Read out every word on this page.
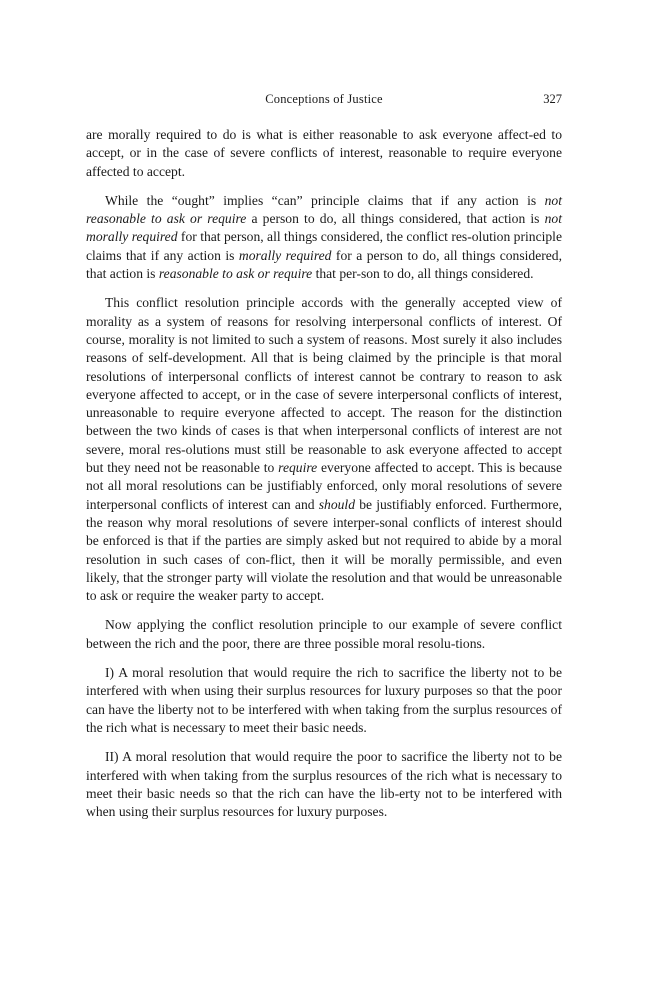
Conceptions of Justice	327

are morally required to do is what is either reasonable to ask everyone affect-ed to accept, or in the case of severe conflicts of interest, reasonable to require everyone affected to accept.

While the “ought” implies “can” principle claims that if any action is not reasonable to ask or require a person to do, all things considered, that action is not morally required for that person, all things considered, the conflict res-olution principle claims that if any action is morally required for a person to do, all things considered, that action is reasonable to ask or require that per-son to do, all things considered.

This conflict resolution principle accords with the generally accepted view of morality as a system of reasons for resolving interpersonal conflicts of interest. Of course, morality is not limited to such a system of reasons. Most surely it also includes reasons of self-development. All that is being claimed by the principle is that moral resolutions of interpersonal conflicts of interest cannot be contrary to reason to ask everyone affected to accept, or in the case of severe interpersonal conflicts of interest, unreasonable to require everyone affected to accept. The reason for the distinction between the two kinds of cases is that when interpersonal conflicts of interest are not severe, moral res-olutions must still be reasonable to ask everyone affected to accept but they need not be reasonable to require everyone affected to accept. This is because not all moral resolutions can be justifiably enforced, only moral resolutions of severe interpersonal conflicts of interest can and should be justifiably enforced. Furthermore, the reason why moral resolutions of severe interper-sonal conflicts of interest should be enforced is that if the parties are simply asked but not required to abide by a moral resolution in such cases of con-flict, then it will be morally permissible, and even likely, that the stronger party will violate the resolution and that would be unreasonable to ask or require the weaker party to accept.

Now applying the conflict resolution principle to our example of severe conflict between the rich and the poor, there are three possible moral resolu-tions.

I) A moral resolution that would require the rich to sacrifice the liberty not to be interfered with when using their surplus resources for luxury purposes so that the poor can have the liberty not to be interfered with when taking from the surplus resources of the rich what is necessary to meet their basic needs.

II) A moral resolution that would require the poor to sacrifice the liberty not to be interfered with when taking from the surplus resources of the rich what is necessary to meet their basic needs so that the rich can have the lib-erty not to be interfered with when using their surplus resources for luxury purposes.
